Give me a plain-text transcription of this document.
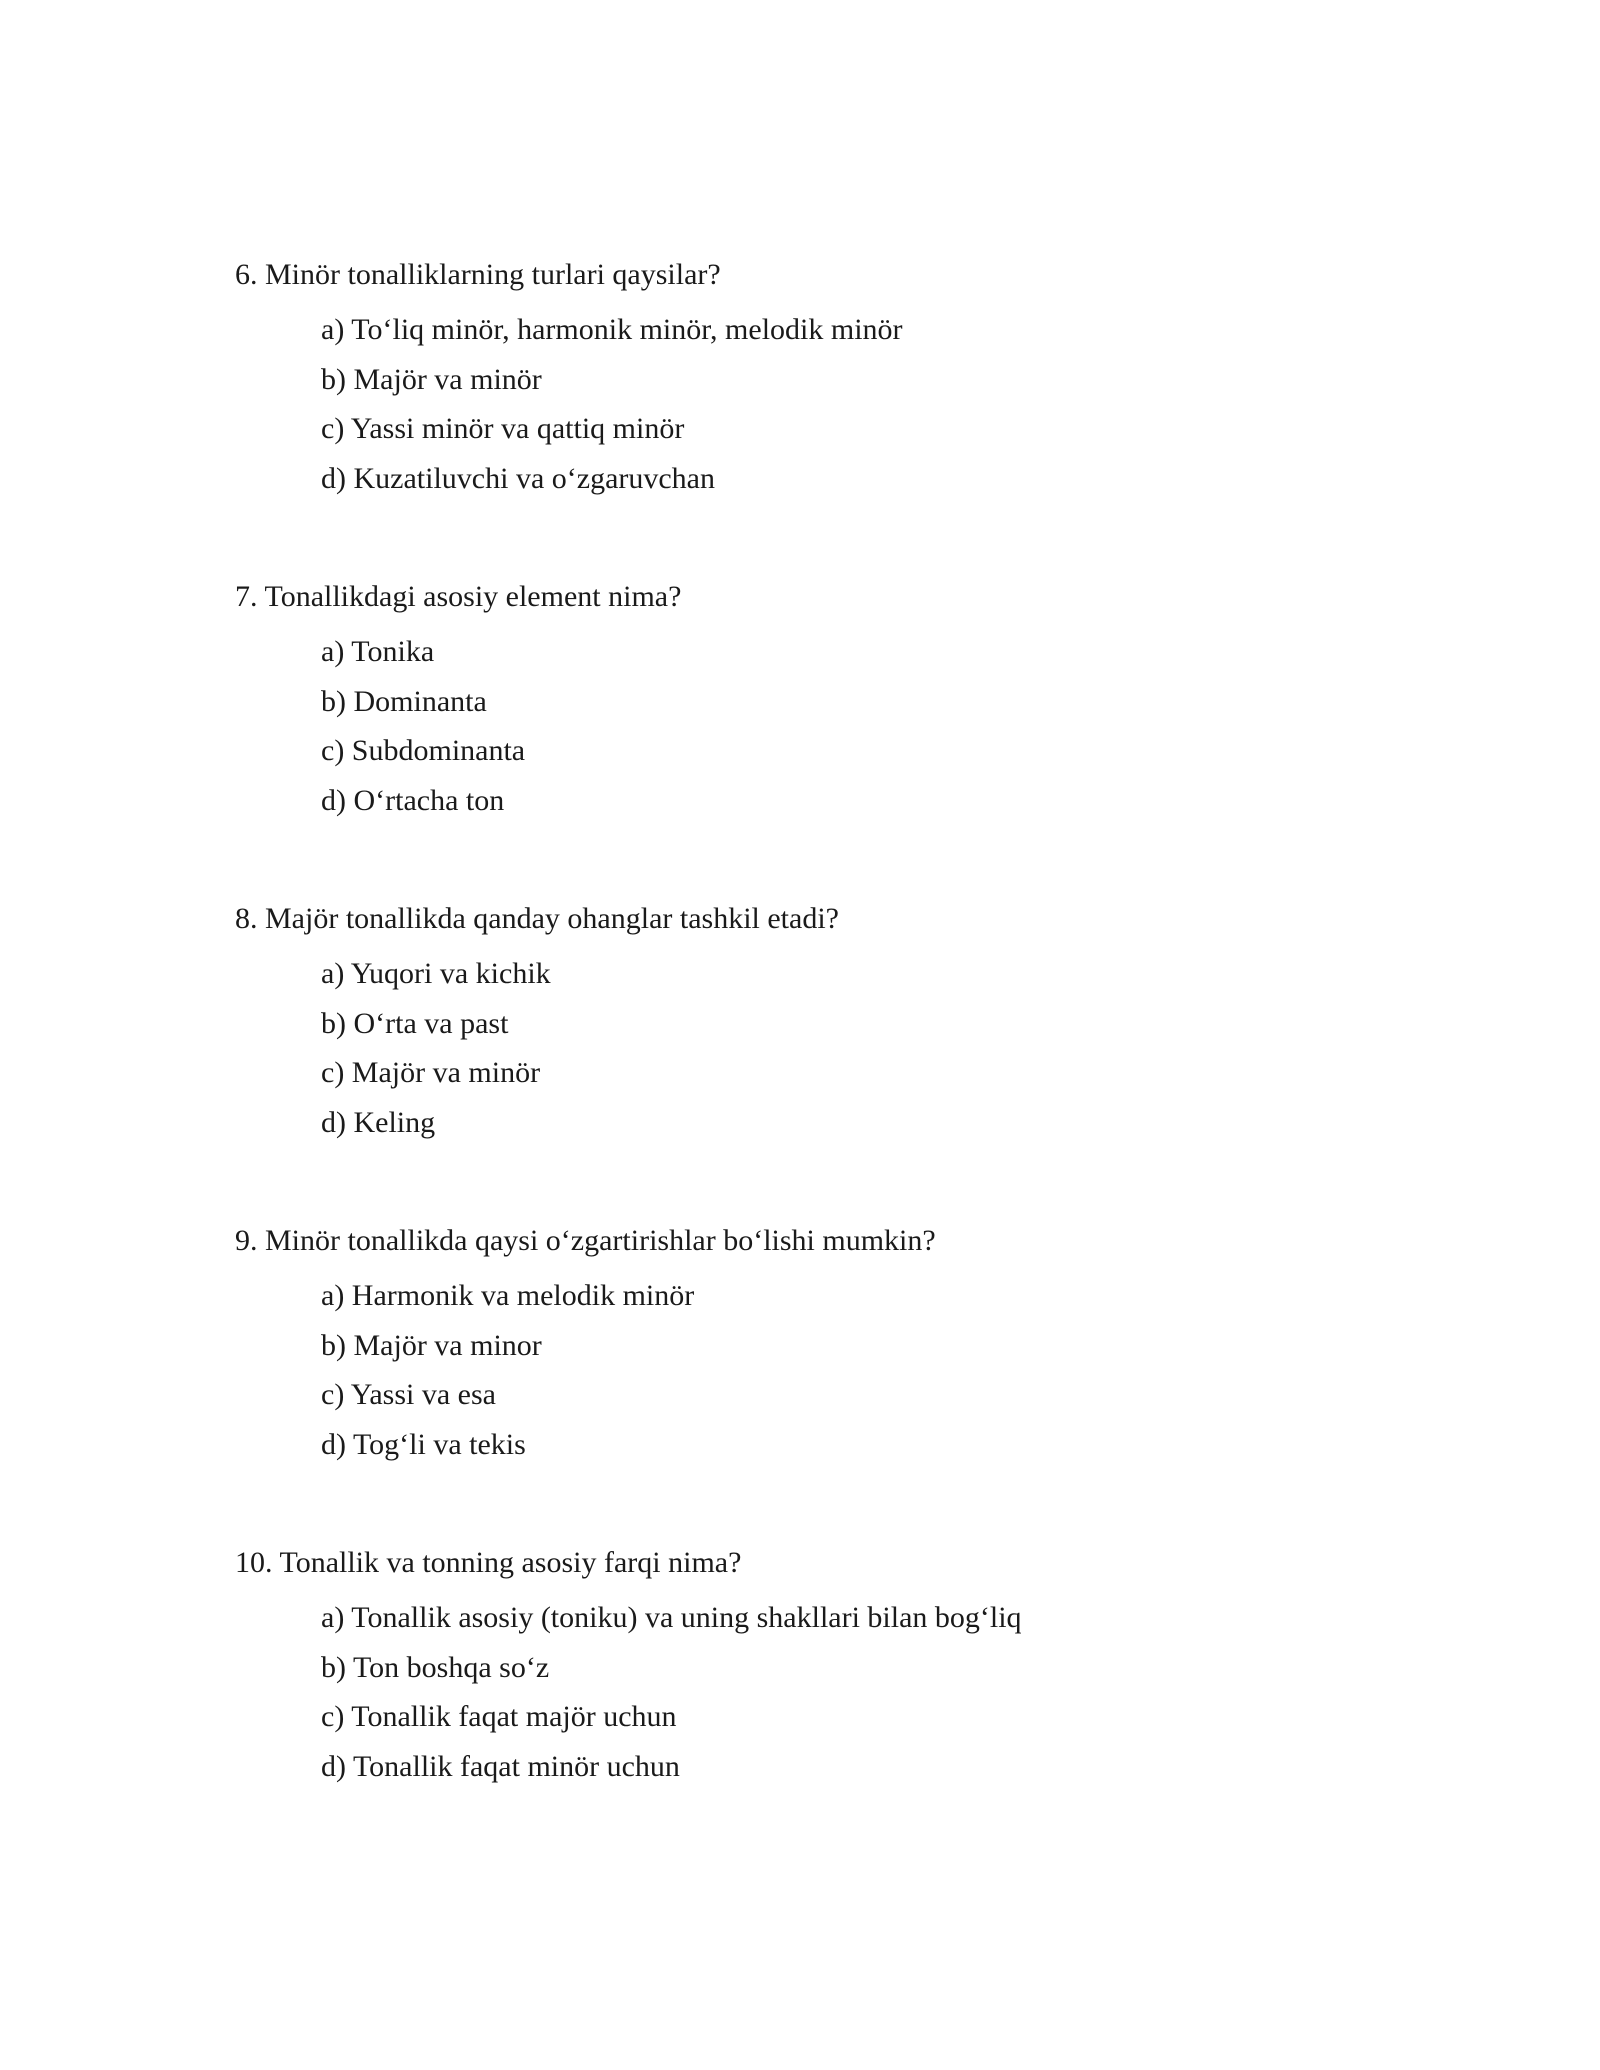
6. Minör tonalliklarning turlari qaysilar?

a) To‘liq minör, harmonik minör, melodik minör
b) Majör va minör
c) Yassi minör va qattiq minör
d) Kuzatiluvchi va o‘zgaruvchan

7. Tonallikdagi asosiy element nima?

a) Tonika
b) Dominanta
c) Subdominanta
d) O‘rtacha ton

8. Majör tonallikda qanday ohanglar tashkil etadi?

a) Yuqori va kichik
b) O‘rta va past
c) Majör va minör
d) Keling

9. Minör tonallikda qaysi o‘zgartirishlar bo‘lishi mumkin?

a) Harmonik va melodik minör
b) Majör va minor
c) Yassi va esa
d) Tog‘li va tekis

10. Tonallik va tonning asosiy farqi nima?

a) Tonallik asosiy (toniku) va uning shakllari bilan bog‘liq
b) Ton boshqa so‘z
c) Tonallik faqat majör uchun
d) Tonallik faqat minör uchun
